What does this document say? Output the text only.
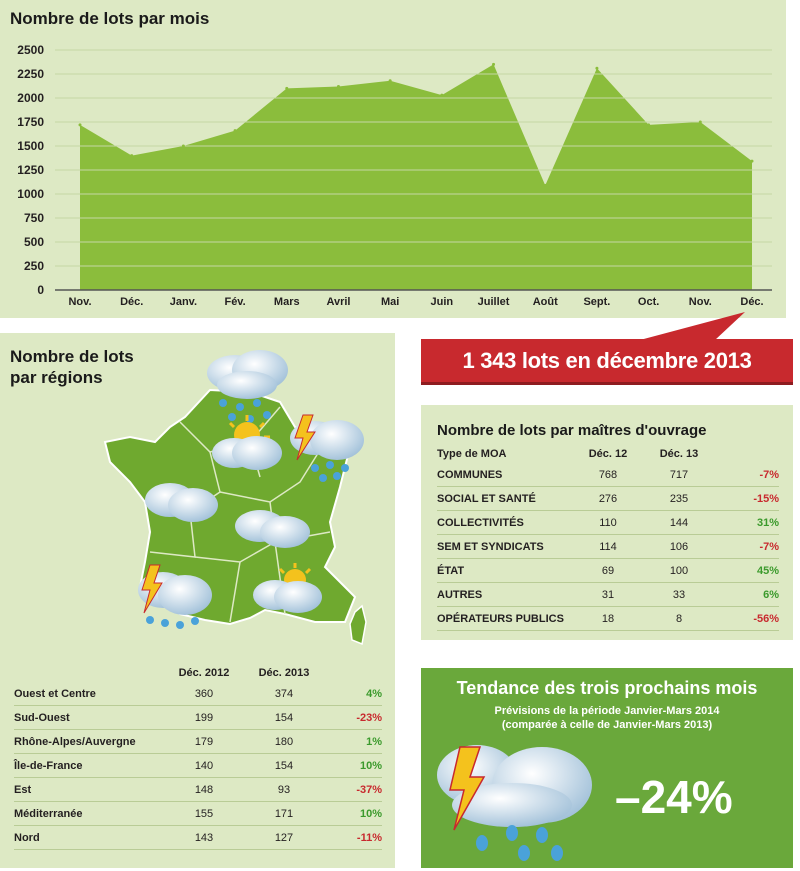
Nombre de lots par mois
0
250
500
750
1000
1250
1500
1750
2000
2250
2500
Nov.	Déc. Janv. Fév.	Mars Avril	Mai	Juin Juillet Août Sept.	Oct.	Nov.	Déc.
1 343 lots en décembre 2013
Nombre de lots
par régions
	Déc. 2012	Déc. 2013	
Ouest et Centre	360	374	4%
Sud-Ouest	199	154	-23%
Rhône-Alpes/Auvergne	179	180	1%
Île-de-France	140	154	10%
Est	148	93	-37%
Méditerranée	155	171	10%
Nord	143	127	-11%
Nombre de lots par maîtres d'ouvrage
Type de MOA	Déc. 12	Déc. 13	
COMMUNES	768	717	-7%
SOCIAL ET SANTÉ	276	235	-15%
COLLECTIVITÉS	110	144	31%
SEM ET SYNDICATS	114	106	-7%
ÉTAT	69	100	45%
AUTRES	31	33	6%
OPÉRATEURS PUBLICS	18	8	-56%
Tendance des trois prochains mois
Prévisions de la période Janvier-Mars 2014
(comparée à celle de Janvier-Mars 2013)
–24%
